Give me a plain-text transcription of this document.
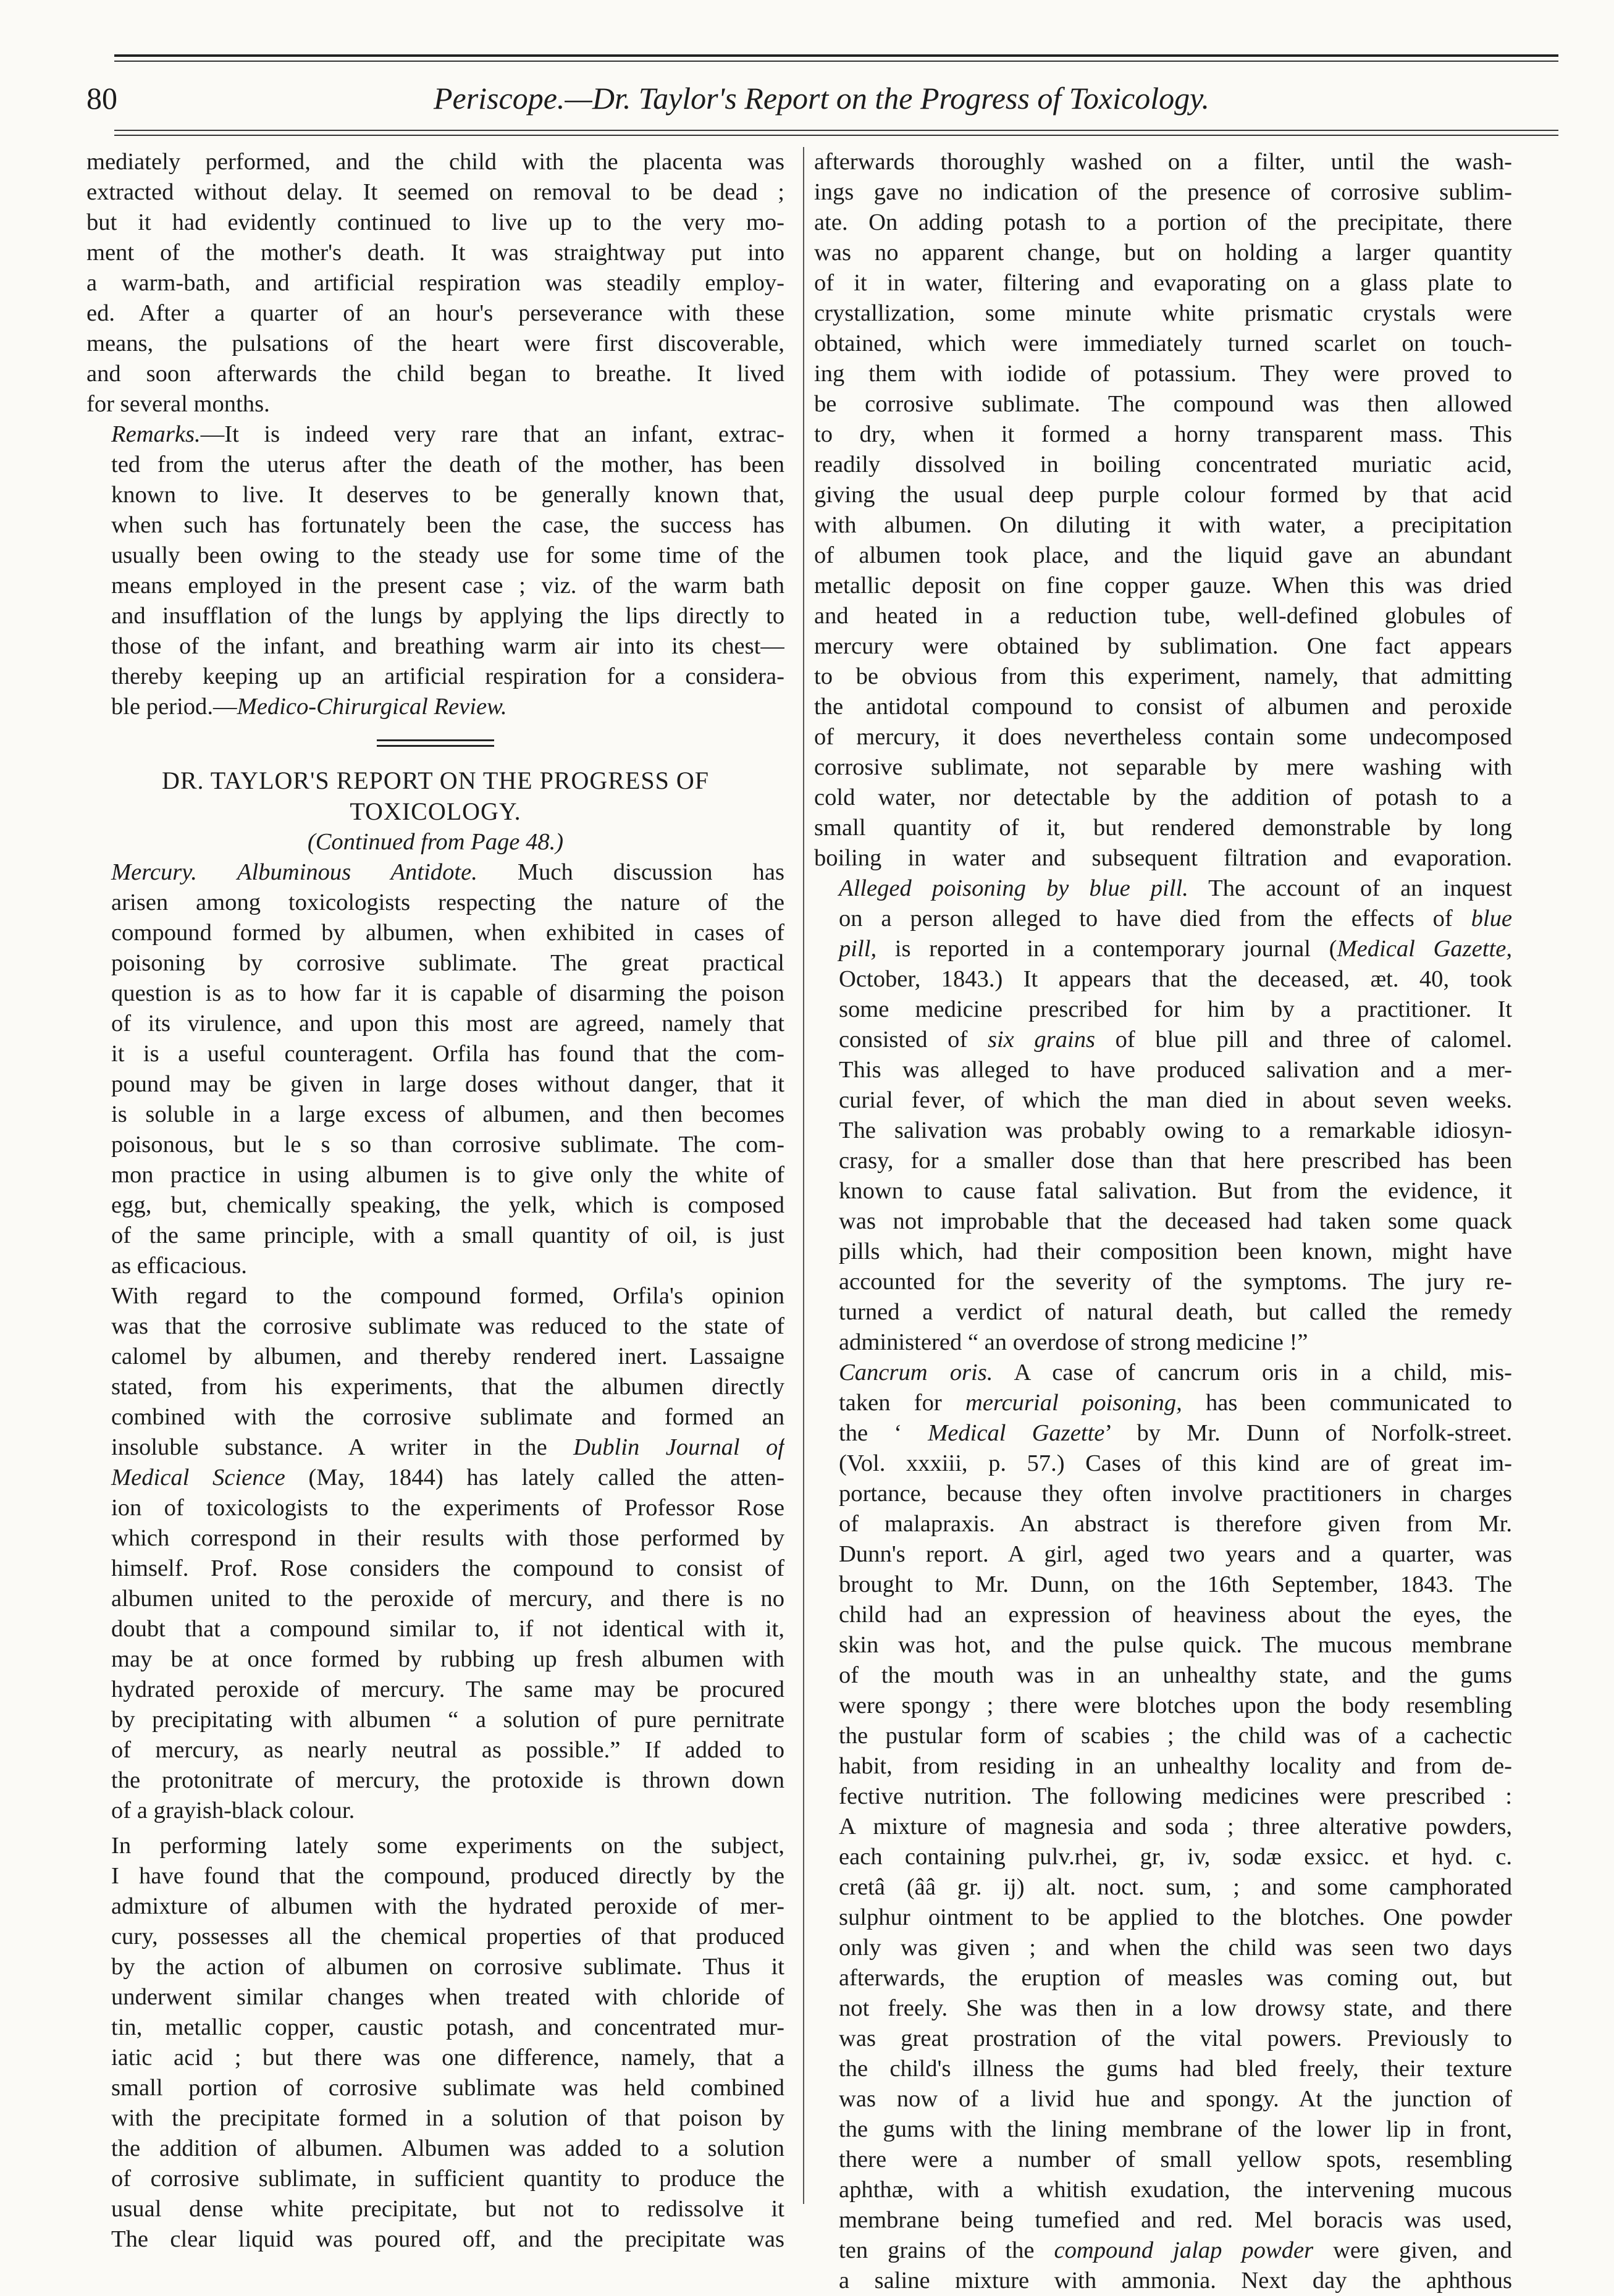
80	Periscope.—Dr. Taylor's Report on the Progress of Toxicology.

mediately performed, and the child with the placenta was
extracted without delay. It seemed on removal to be dead ;
but it had evidently continued to live up to the very mo-
ment of the mother's death. It was straightway put into
a warm-bath, and artificial respiration was steadily employ-
ed. After a quarter of an hour's perseverance with these
means, the pulsations of the heart were first discoverable,
and soon afterwards the child began to breathe. It lived
for several months.

Remarks.—It is indeed very rare that an infant, extrac-
ted from the uterus after the death of the mother, has been
known to live. It deserves to be generally known that,
when such has fortunately been the case, the success has
usually been owing to the steady use for some time of the
means employed in the present case ; viz. of the warm bath
and insufflation of the lungs by applying the lips directly to
those of the infant, and breathing warm air into its chest—
thereby keeping up an artificial respiration for a considera-
ble period.—Medico-Chirurgical Review.

DR. TAYLOR'S REPORT ON THE PROGRESS OF
TOXICOLOGY.

(Continued from Page 48.)

Mercury. Albuminous Antidote. Much discussion has
arisen among toxicologists respecting the nature of the
compound formed by albumen, when exhibited in cases of
poisoning by corrosive sublimate. The great practical
question is as to how far it is capable of disarming the poison
of its virulence, and upon this most are agreed, namely that
it is a useful counteragent. Orfila has found that the com-
pound may be given in large doses without danger, that it
is soluble in a large excess of albumen, and then becomes
poisonous, but le s so than corrosive sublimate. The com-
mon practice in using albumen is to give only the white of
egg, but, chemically speaking, the yelk, which is composed
of the same principle, with a small quantity of oil, is just
as efficacious.

With regard to the compound formed, Orfila's opinion
was that the corrosive sublimate was reduced to the state of
calomel by albumen, and thereby rendered inert. Lassaigne
stated, from his experiments, that the albumen directly
combined with the corrosive sublimate and formed an
insoluble substance. A writer in the Dublin Journal of
Medical Science (May, 1844) has lately called the atten-
ion of toxicologists to the experiments of Professor Rose
which correspond in their results with those performed by
himself. Prof. Rose considers the compound to consist of
albumen united to the peroxide of mercury, and there is no
doubt that a compound similar to, if not identical with it,
may be at once formed by rubbing up fresh albumen with
hydrated peroxide of mercury. The same may be procured
by precipitating with albumen “ a solution of pure pernitrate
of mercury, as nearly neutral as possible.” If added to
the protonitrate of mercury, the protoxide is thrown down
of a grayish-black colour.

In performing lately some experiments on the subject,
I have found that the compound, produced directly by the
admixture of albumen with the hydrated peroxide of mer-
cury, possesses all the chemical properties of that produced
by the action of albumen on corrosive sublimate. Thus it
underwent similar changes when treated with chloride of
tin, metallic copper, caustic potash, and concentrated mur-
iatic acid ; but there was one difference, namely, that a
small portion of corrosive sublimate was held combined
with the precipitate formed in a solution of that poison by
the addition of albumen. Albumen was added to a solution
of corrosive sublimate, in sufficient quantity to produce the
usual dense white precipitate, but not to redissolve it
The clear liquid was poured off, and the precipitate was

afterwards thoroughly washed on a filter, until the wash-
ings gave no indication of the presence of corrosive sublim-
ate. On adding potash to a portion of the precipitate, there
was no apparent change, but on holding a larger quantity
of it in water, filtering and evaporating on a glass plate to
crystallization, some minute white prismatic crystals were
obtained, which were immediately turned scarlet on touch-
ing them with iodide of potassium. They were proved to
be corrosive sublimate. The compound was then allowed
to dry, when it formed a horny transparent mass. This
readily dissolved in boiling concentrated muriatic acid,
giving the usual deep purple colour formed by that acid
with albumen. On diluting it with water, a precipitation
of albumen took place, and the liquid gave an abundant
metallic deposit on fine copper gauze. When this was dried
and heated in a reduction tube, well-defined globules of
mercury were obtained by sublimation. One fact appears
to be obvious from this experiment, namely, that admitting
the antidotal compound to consist of albumen and peroxide
of mercury, it does nevertheless contain some undecomposed
corrosive sublimate, not separable by mere washing with
cold water, nor detectable by the addition of potash to a
small quantity of it, but rendered demonstrable by long
boiling in water and subsequent filtration and evaporation.

Alleged poisoning by blue pill. The account of an inquest
on a person alleged to have died from the effects of blue
pill, is reported in a contemporary journal (Medical Gazette,
October, 1843.) It appears that the deceased, æt. 40, took
some medicine prescribed for him by a practitioner. It
consisted of six grains of blue pill and three of calomel.
This was alleged to have produced salivation and a mer-
curial fever, of which the man died in about seven weeks.
The salivation was probably owing to a remarkable idiosyn-
crasy, for a smaller dose than that here prescribed has been
known to cause fatal salivation. But from the evidence, it
was not improbable that the deceased had taken some quack
pills which, had their composition been known, might have
accounted for the severity of the symptoms. The jury re-
turned a verdict of natural death, but called the remedy
administered “ an overdose of strong medicine !”

Cancrum oris. A case of cancrum oris in a child, mis-
taken for mercurial poisoning, has been communicated to
the ‘ Medical Gazette’ by Mr. Dunn of Norfolk-street.
(Vol. xxxiii, p. 57.) Cases of this kind are of great im-
portance, because they often involve practitioners in charges
of malapraxis. An abstract is therefore given from Mr.
Dunn's report. A girl, aged two years and a quarter, was
brought to Mr. Dunn, on the 16th September, 1843. The
child had an expression of heaviness about the eyes, the
skin was hot, and the pulse quick. The mucous membrane
of the mouth was in an unhealthy state, and the gums
were spongy ; there were blotches upon the body resembling
the pustular form of scabies ; the child was of a cachectic
habit, from residing in an unhealthy locality and from de-
fective nutrition. The following medicines were prescribed :
A mixture of magnesia and soda ; three alterative powders,
each containing pulv.rhei, gr, iv, sodæ exsicc. et hyd. c.
cretâ (ââ gr. ij) alt. noct. sum, ; and some camphorated
sulphur ointment to be applied to the blotches. One powder
only was given ; and when the child was seen two days
afterwards, the eruption of measles was coming out, but
not freely. She was then in a low drowsy state, and there
was great prostration of the vital powers. Previously to
the child's illness the gums had bled freely, their texture
was now of a livid hue and spongy. At the junction of
the gums with the lining membrane of the lower lip in front,
there were a number of small yellow spots, resembling
aphthæ, with a whitish exudation, the intervening mucous
membrane being tumefied and red. Mel boracis was used,
ten grains of the compound jalap powder were given, and
a saline mixture with ammonia. Next day the aphthous
